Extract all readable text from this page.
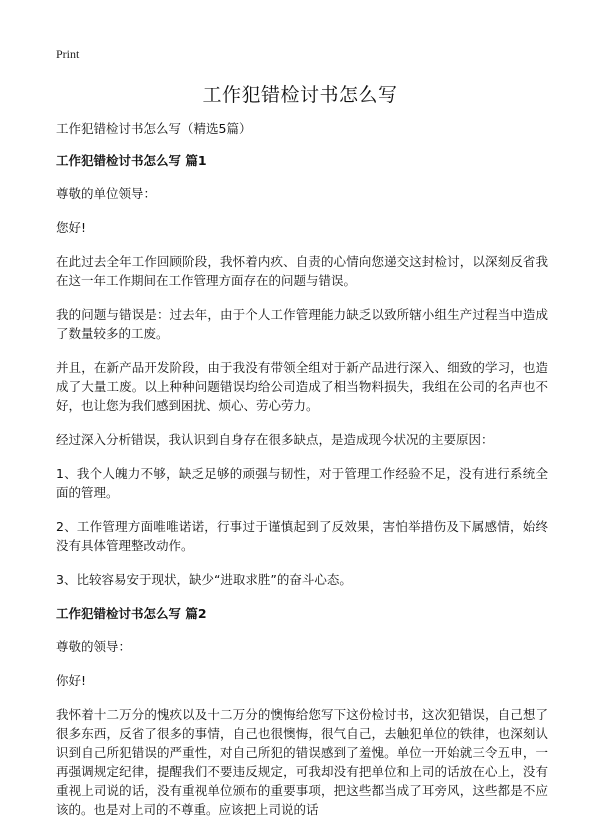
Print
工作犯错检讨书怎么写

工作犯错检讨书怎么写（精选5篇）

工作犯错检讨书怎么写 篇1

尊敬的单位领导：

您好!

在此过去全年工作回顾阶段，我怀着内疚、自责的心情向您递交这封检讨，以深刻反省我在这一年工作期间在工作管理方面存在的问题与错误。

我的问题与错误是：过去年，由于个人工作管理能力缺乏以致所辖小组生产过程当中造成了数量较多的工废。

并且，在新产品开发阶段，由于我没有带领全组对于新产品进行深入、细致的学习，也造成了大量工废。以上种种问题错误均给公司造成了相当物料损失，我组在公司的名声也不好，也让您为我们感到困扰、烦心、劳心劳力。

经过深入分析错误，我认识到自身存在很多缺点，是造成现今状况的主要原因：

1、我个人魄力不够，缺乏足够的顽强与韧性，对于管理工作经验不足，没有进行系统全面的管理。

2、工作管理方面唯唯诺诺，行事过于谨慎起到了反效果，害怕举措伤及下属感情，始终没有具体管理整改动作。

3、比较容易安于现状，缺少“进取求胜”的奋斗心态。

工作犯错检讨书怎么写 篇2

尊敬的领导：

你好!

我怀着十二万分的愧疚以及十二万分的懊悔给您写下这份检讨书，这次犯错误，自己想了很多东西，反省了很多的事情，自己也很懊悔，很气自己，去触犯单位的铁律，也深刻认识到自己所犯错误的严重性，对自己所犯的错误感到了羞愧。单位一开始就三令五申，一再强调规定纪律，提醒我们不要违反规定，可我却没有把单位和上司的话放在心上，没有重视上司说的话，没有重视单位颁布的重要事项，把这些都当成了耳旁风，这些都是不应该的。也是对上司的不尊重。应该把上司说的话
